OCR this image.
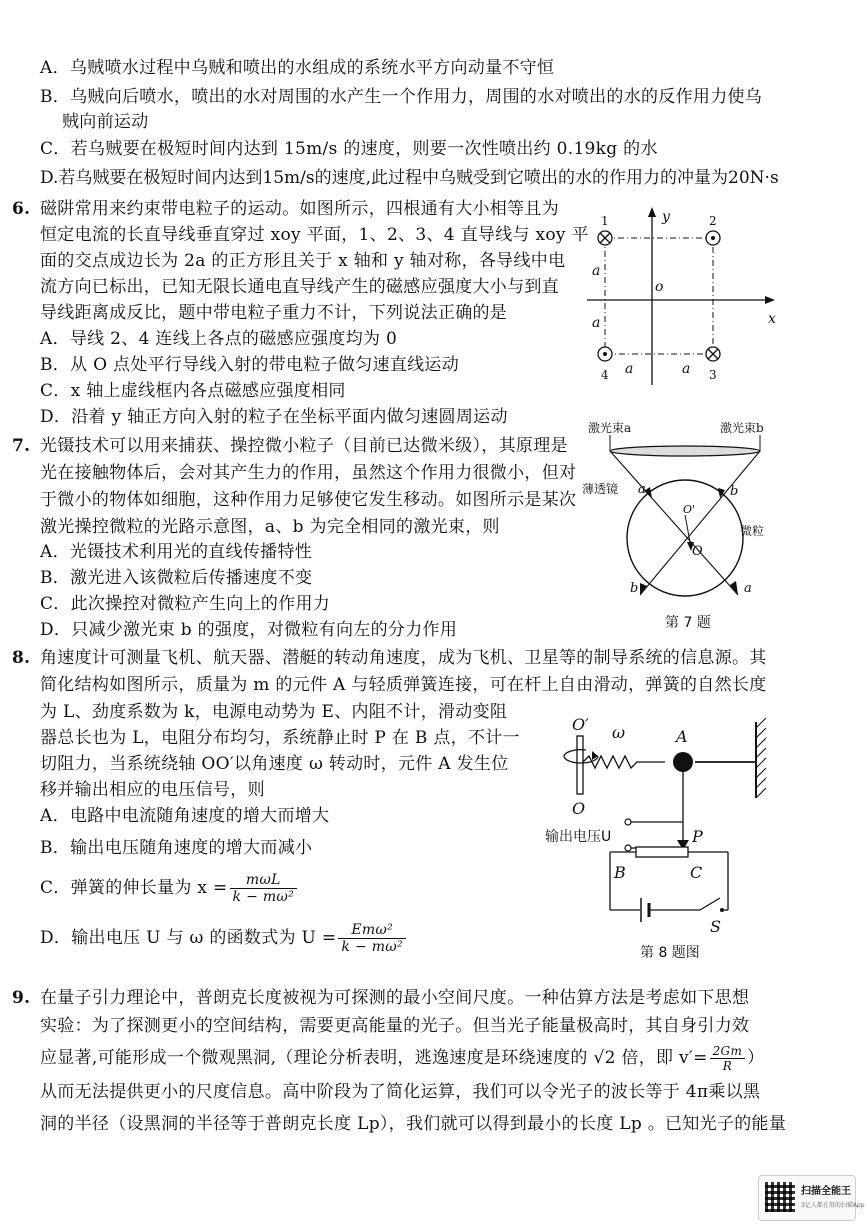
A．乌贼喷水过程中乌贼和喷出的水组成的系统水平方向动量不守恒
B．乌贼向后喷水，喷出的水对周围的水产生一个作用力，周围的水对喷出的水的反作用力使乌
贼向前运动
C．若乌贼要在极短时间内达到 15m/s 的速度，则要一次性喷出约 0.19kg 的水
D.若乌贼要在极短时间内达到15m/s的速度,此过程中乌贼受到它喷出的水的作用力的冲量为20N·s
6. 磁阱常用来约束带电粒子的运动。如图所示，四根通有大小相等且为
恒定电流的长直导线垂直穿过 xoy 平面，1、2、3、4 直导线与 xoy 平
面的交点成边长为 2a 的正方形且关于 x 轴和 y 轴对称，各导线中电
流方向已标出，已知无限长通电直导线产生的磁感应强度大小与到直
导线距离成反比，题中带电粒子重力不计，下列说法正确的是
A．导线 2、4 连线上各点的磁感应强度均为 0
B．从 O 点处平行导线入射的带电粒子做匀速直线运动
C．x 轴上虚线框内各点磁感应强度相同
D．沿着 y 轴正方向入射的粒子在坐标平面内做匀速圆周运动
y
x
o
1	2
3
4
a
a
a	a
7. 光镊技术可以用来捕获、操控微小粒子（目前已达微米级），其原理是
光在接触物体后，会对其产生力的作用，虽然这个作用力很微小，但对
于微小的物体如细胞，这种作用力足够使它发生移动。如图所示是某次
激光操控微粒的光路示意图，a、b 为完全相同的激光束，则
A．光镊技术利用光的直线传播特性
B．激光进入该微粒后传播速度不变
C．此次操控对微粒产生向上的作用力
D．只减少激光束 b 的强度，对微粒有向左的分力作用
激光束a	激光束b
薄透镜
微粒
a	b
b	a
O
O'
第 7 题
8. 角速度计可测量飞机、航天器、潜艇的转动角速度，成为飞机、卫星等的制导系统的信息源。其
简化结构如图所示，质量为 m 的元件 A 与轻质弹簧连接，可在杆上自由滑动，弹簧的自然长度
为 L、劲度系数为 k，电源电动势为 E、内阻不计，滑动变阻
器总长也为 L，电阻分布均匀，系统静止时 P 在 B 点，不计一
切阻力，当系统绕轴 OO′以角速度 ω 转动时，元件 A 发生位
移并输出相应的电压信号，则
A．电路中电流随角速度的增大而增大
B．输出电压随角速度的增大而减小
C．弹簧的伸长量为 $x = \frac{\text{mωL}}{\text{k − mω²}}$
D．输出电压 U 与 ω 的函数式为 $U = \frac{\text{Emω²}}{\text{k − mω²}}$
O′
O
ω	A
P
B	C
S
输出电压U
第 8 题图
9. 在量子引力理论中，普朗克长度被视为可探测的最小空间尺度。一种估算方法是考虑如下思想
实验：为了探测更小的空间结构，需要更高能量的光子。但当光子能量极高时，其自身引力效
应显著,可能形成一个微观黑洞,（理论分析表明，逃逸速度是环绕速度的 √2 倍，即 $v'= \frac{2Gm}{R}$ ）
从而无法提供更小的尺度信息。高中阶段为了简化运算，我们可以令光子的波长等于 4π乘以黑
洞的半径（设黑洞的半径等于普朗克长度 Lp），我们就可以得到最小的长度 Lp 。已知光子的能量
扫描全能王
3亿人都在用的扫描App
